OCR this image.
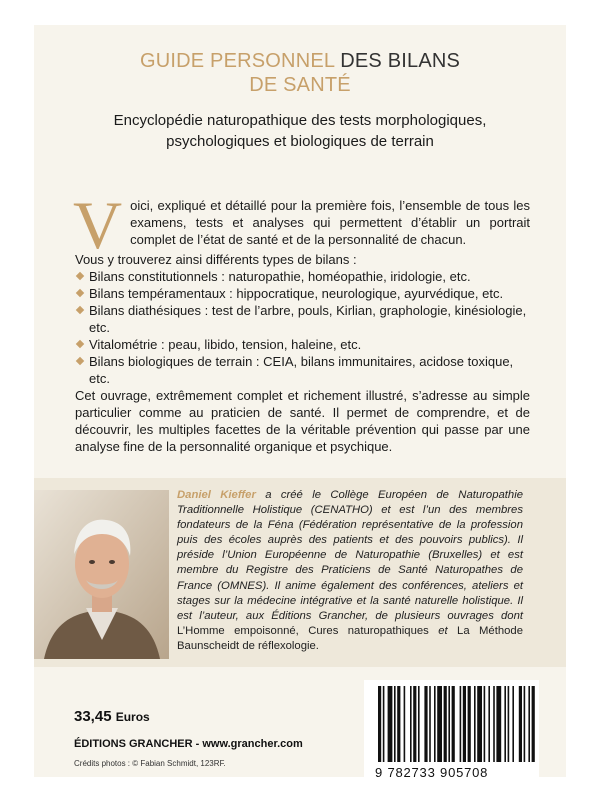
GUIDE PERSONNEL DES BILANS
DE SANTÉ
Encyclopédie naturopathique des tests morphologiques,
psychologiques et biologiques de terrain

Voici, expliqué et détaillé pour la première fois, l’ensemble de tous les examens, tests et analyses qui permettent d’établir un portrait complet de l’état de santé et de la personnalité de chacun.

Vous y trouverez ainsi différents types de bilans :
Bilans constitutionnels : naturopathie, homéopathie, iridologie, etc.
Bilans tempéramentaux : hippocratique, neurologique, ayurvédique, etc.
Bilans diathésiques : test de l’arbre, pouls, Kirlian, graphologie, kinésiologie, etc.
Vitalométrie : peau, libido, tension, haleine, etc.
Bilans biologiques de terrain : CEIA, bilans immunitaires, acidose toxique, etc.

Cet ouvrage, extrêmement complet et richement illustré, s’adresse au simple particulier comme au praticien de santé. Il permet de comprendre, et de découvrir, les multiples facettes de la véritable prévention qui passe par une analyse fine de la personnalité organique et psychique.

Daniel Kieffer a créé le Collège Européen de Naturopathie Traditionnelle Holistique (CENATHO) et est l’un des membres fondateurs de la Féna (Fédération représentative de la profession puis des écoles auprès des patients et des pouvoirs publics). Il préside l’Union Européenne de Naturopathie (Bruxelles) et est membre du Registre des Praticiens de Santé Naturopathes de France (OMNES). Il anime également des conférences, ateliers et stages sur la médecine intégrative et la santé naturelle holistique. Il est l’auteur, aux Éditions Grancher, de plusieurs ouvrages dont L’Homme empoisonné, Cures naturopathiques et La Méthode Baunscheidt de réflexologie.
33,45 Euros
ÉDITIONS GRANCHER - www.grancher.com
Crédits photos : © Fabian Schmidt, 123RF.
9 782733 905708
